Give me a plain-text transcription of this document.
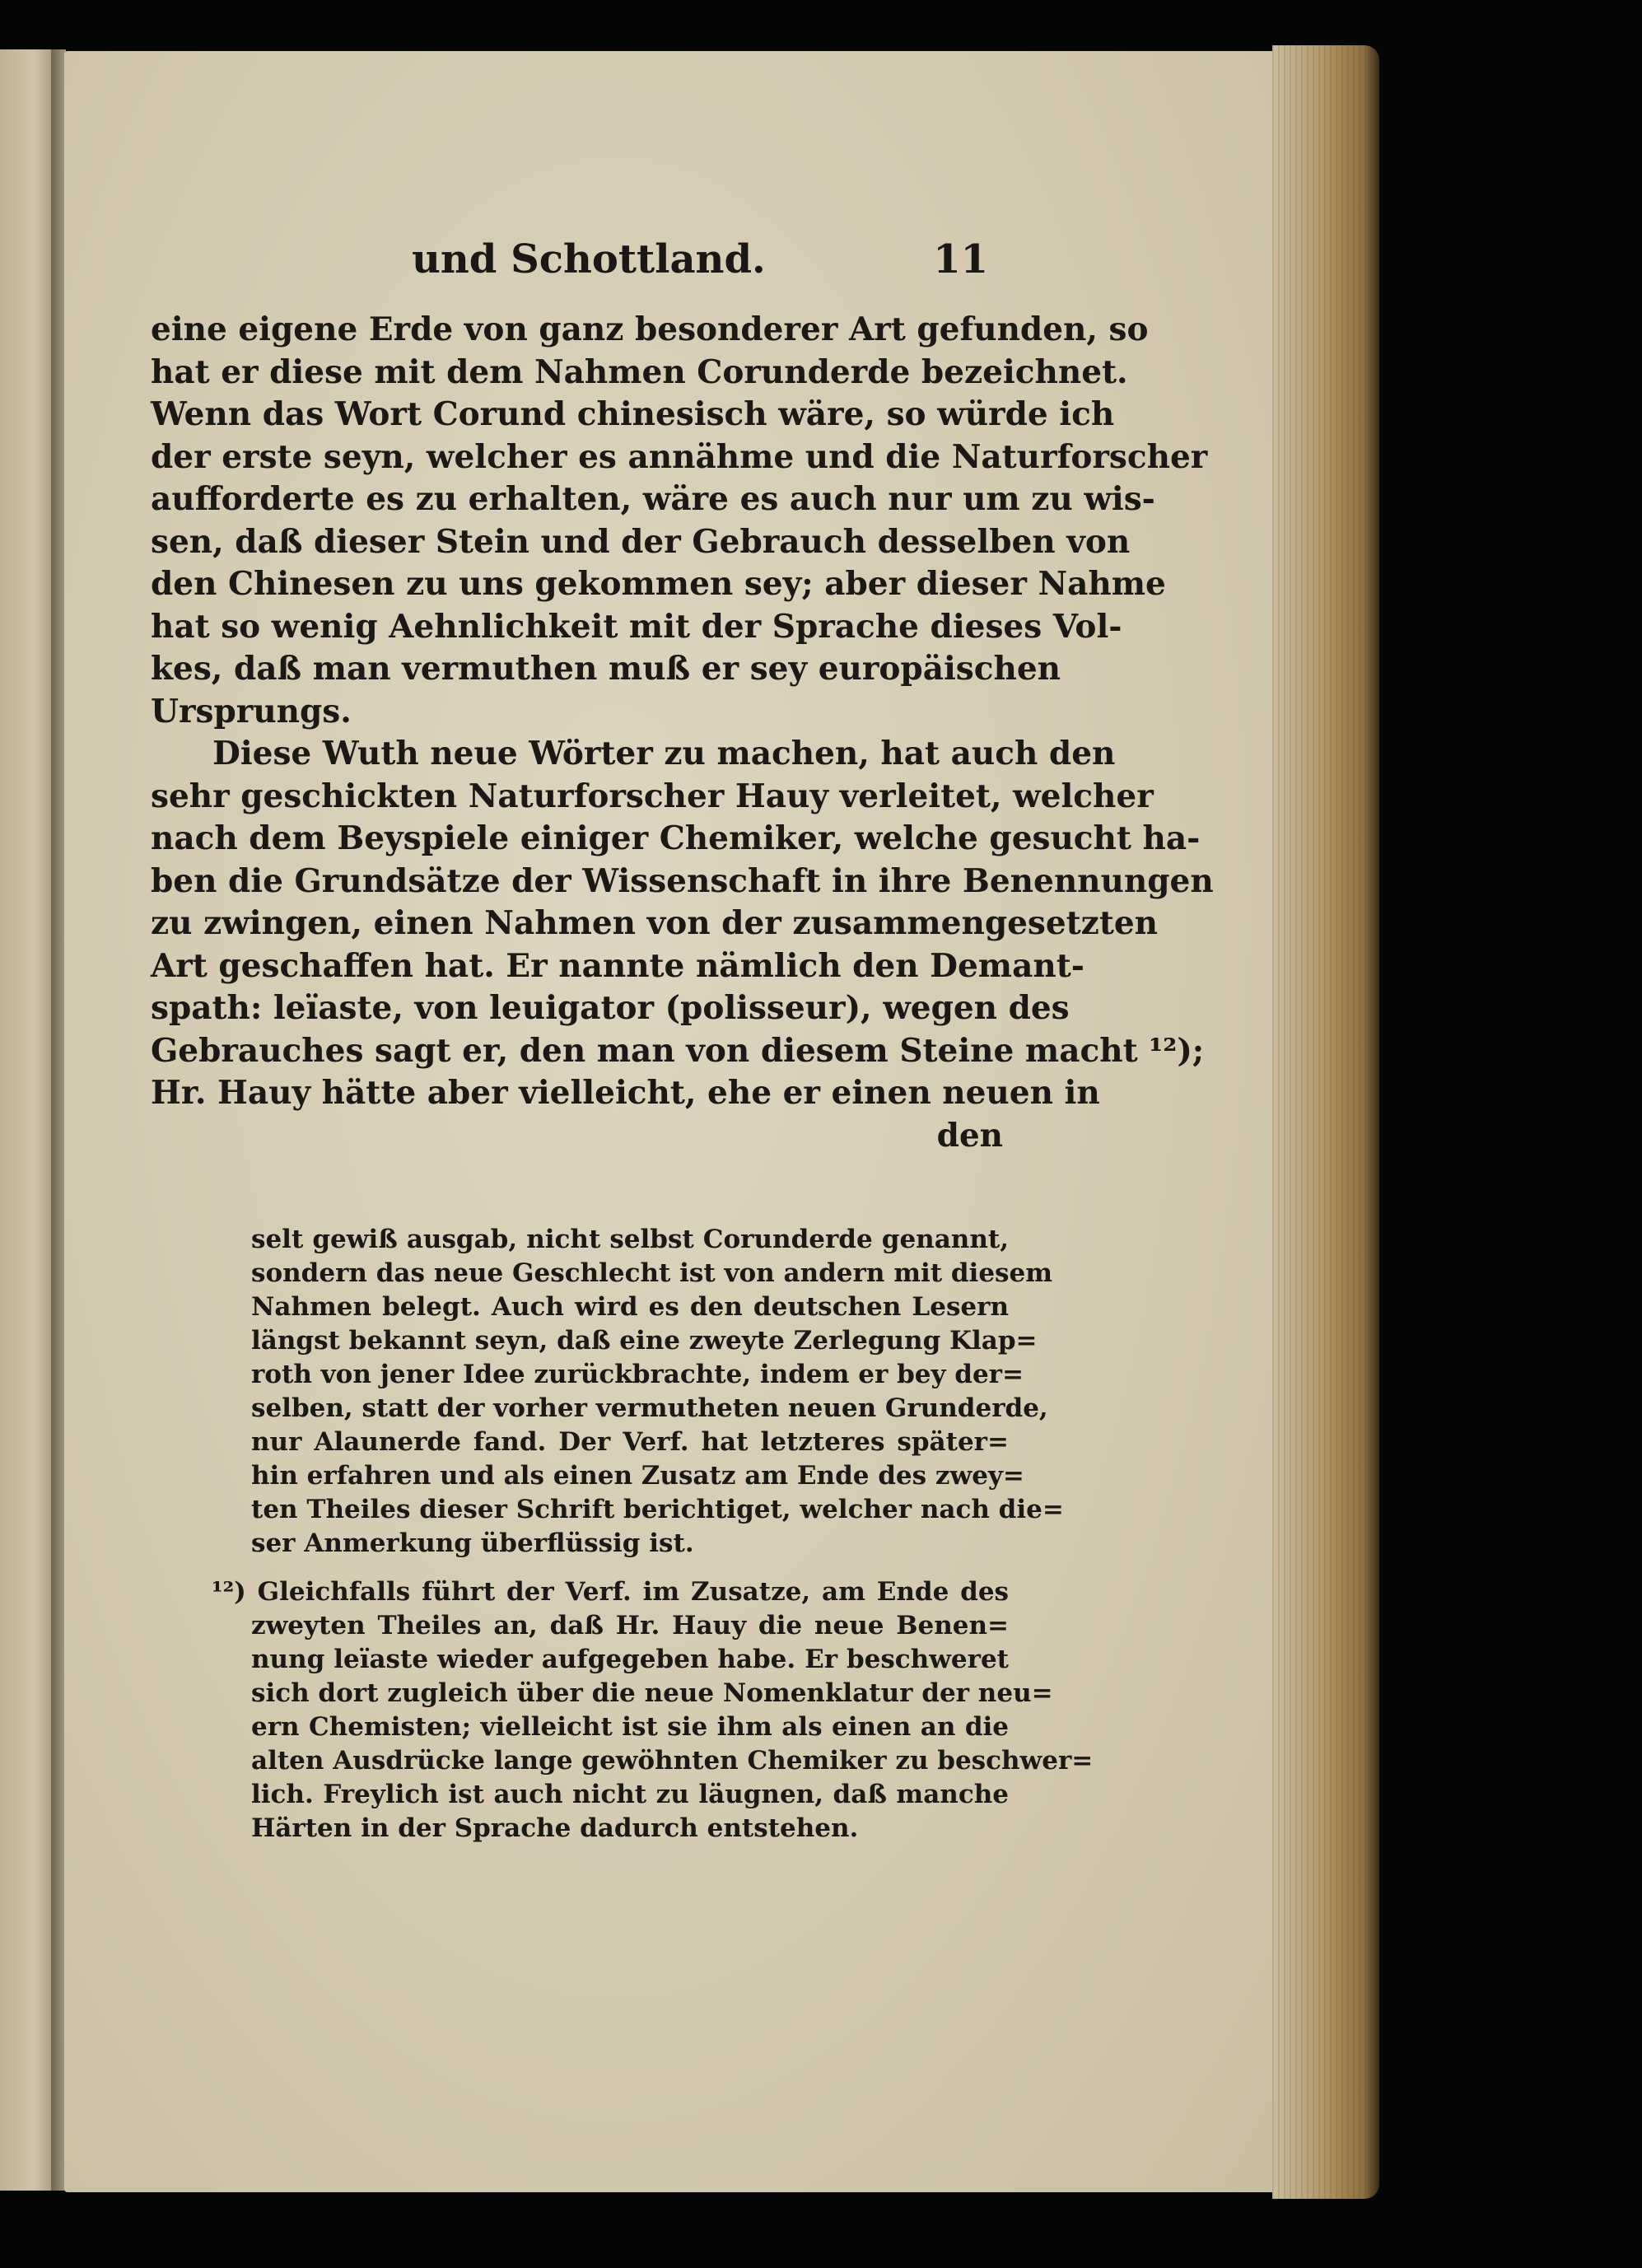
und Schottland.	11
eine eigene Erde von ganz besonderer Art gefunden, so
hat er diese mit dem Nahmen Corunderde bezeichnet.
Wenn das Wort Corund chinesisch wäre, so würde ich
der erste seyn, welcher es annähme und die Naturforscher
aufforderte es zu erhalten, wäre es auch nur um zu wis-
sen, daß dieser Stein und der Gebrauch desselben von
den Chinesen zu uns gekommen sey; aber dieser Nahme
hat so wenig Aehnlichkeit mit der Sprache dieses Vol-
kes, daß man vermuthen muß er sey europäischen
Ursprungs.
Diese Wuth neue Wörter zu machen, hat auch den
sehr geschickten Naturforscher Hauy verleitet, welcher
nach dem Beyspiele einiger Chemiker, welche gesucht ha-
ben die Grundsätze der Wissenschaft in ihre Benennungen
zu zwingen, einen Nahmen von der zusammengesetzten
Art geschaffen hat. Er nannte nämlich den Demant-
spath: leïaste, von leuigator (polisseur), wegen des
Gebrauches sagt er, den man von diesem Steine macht ¹²);
Hr. Hauy hätte aber vielleicht, ehe er einen neuen in
den
selt gewiß ausgab, nicht selbst Corunderde genannt,
sondern das neue Geschlecht ist von andern mit diesem
Nahmen belegt. Auch wird es den deutschen Lesern
längst bekannt seyn, daß eine zweyte Zerlegung Klap=
roth von jener Idee zurückbrachte, indem er bey der=
selben, statt der vorher vermutheten neuen Grunderde,
nur Alaunerde fand. Der Verf. hat letzteres später=
hin erfahren und als einen Zusatz am Ende des zwey=
ten Theiles dieser Schrift berichtiget, welcher nach die=
ser Anmerkung überflüssig ist.
¹²) Gleichfalls führt der Verf. im Zusatze, am Ende des
zweyten Theiles an, daß Hr. Hauy die neue Benen=
nung leïaste wieder aufgegeben habe. Er beschweret
sich dort zugleich über die neue Nomenklatur der neu=
ern Chemisten; vielleicht ist sie ihm als einen an die
alten Ausdrücke lange gewöhnten Chemiker zu beschwer=
lich. Freylich ist auch nicht zu läugnen, daß manche
Härten in der Sprache dadurch entstehen.
